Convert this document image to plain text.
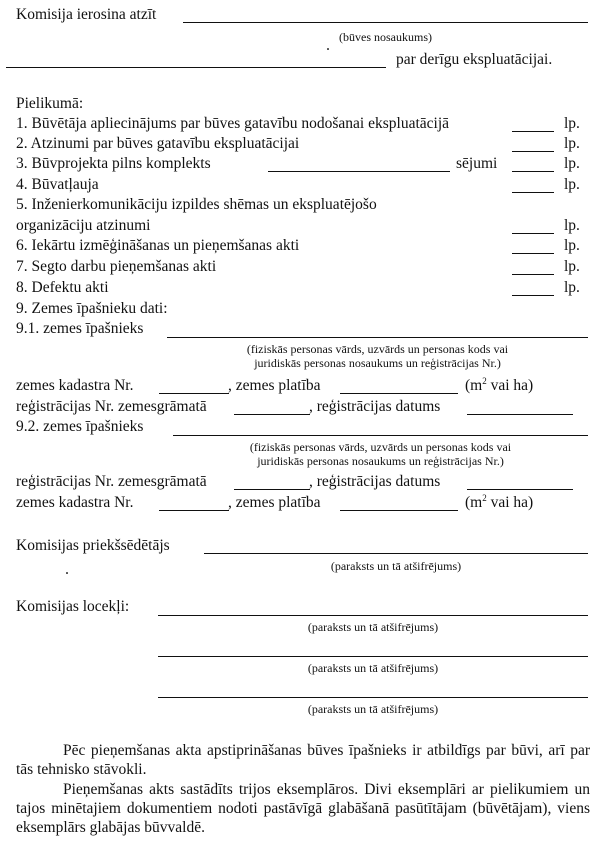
Komisija ierosina atzīt
(būves nosaukums)
par derīgu ekspluatācijai.
Pielikumā:
1. Būvētāja apliecinājums par būves gatavību nodošanai ekspluatācijā	lp.
2. Atzinumi par būves gatavību ekspluatācijai	lp.
3. Būvprojekta pilns komplekts	sējumi	lp.
4. Būvatļauja	lp.
5. Inženierkomunikāciju izpildes shēmas un ekspluatējošo
organizāciju atzinumi	lp.
6. Iekārtu izmēģināšanas un pieņemšanas akti	lp.
7. Segto darbu pieņemšanas akti	lp.
8. Defektu akti	lp.
9. Zemes īpašnieku dati:
9.1. zemes īpašnieks
(fiziskās personas vārds, uzvārds un personas kods vai
juridiskās personas nosaukums un reģistrācijas Nr.)
zemes kadastra Nr.	, zemes platība	($m^2$ vai ha)
reģistrācijas Nr. zemesgrāmatā	, reģistrācijas datums
9.2. zemes īpašnieks
(fiziskās personas vārds, uzvārds un personas kods vai
juridiskās personas nosaukums un reģistrācijas Nr.)
reģistrācijas Nr. zemesgrāmatā	, reģistrācijas datums
zemes kadastra Nr.	, zemes platība	($m^2$ vai ha)
Komisijas priekšsēdētājs
(paraksts un tā atšifrējums)
Komisijas locekļi:
(paraksts un tā atšifrējums)
(paraksts un tā atšifrējums)
(paraksts un tā atšifrējums)
Pēc pieņemšanas akta apstiprināšanas būves īpašnieks ir atbildīgs par būvi, arī par tās tehnisko stāvokli.
Pieņemšanas akts sastādīts trijos eksemplāros. Divi eksemplāri ar pielikumiem un tajos minētajiem dokumentiem nodoti pastāvīgā glabāšanā pasūtītājam (būvētājam), viens eksemplārs glabājas būvvaldē.
